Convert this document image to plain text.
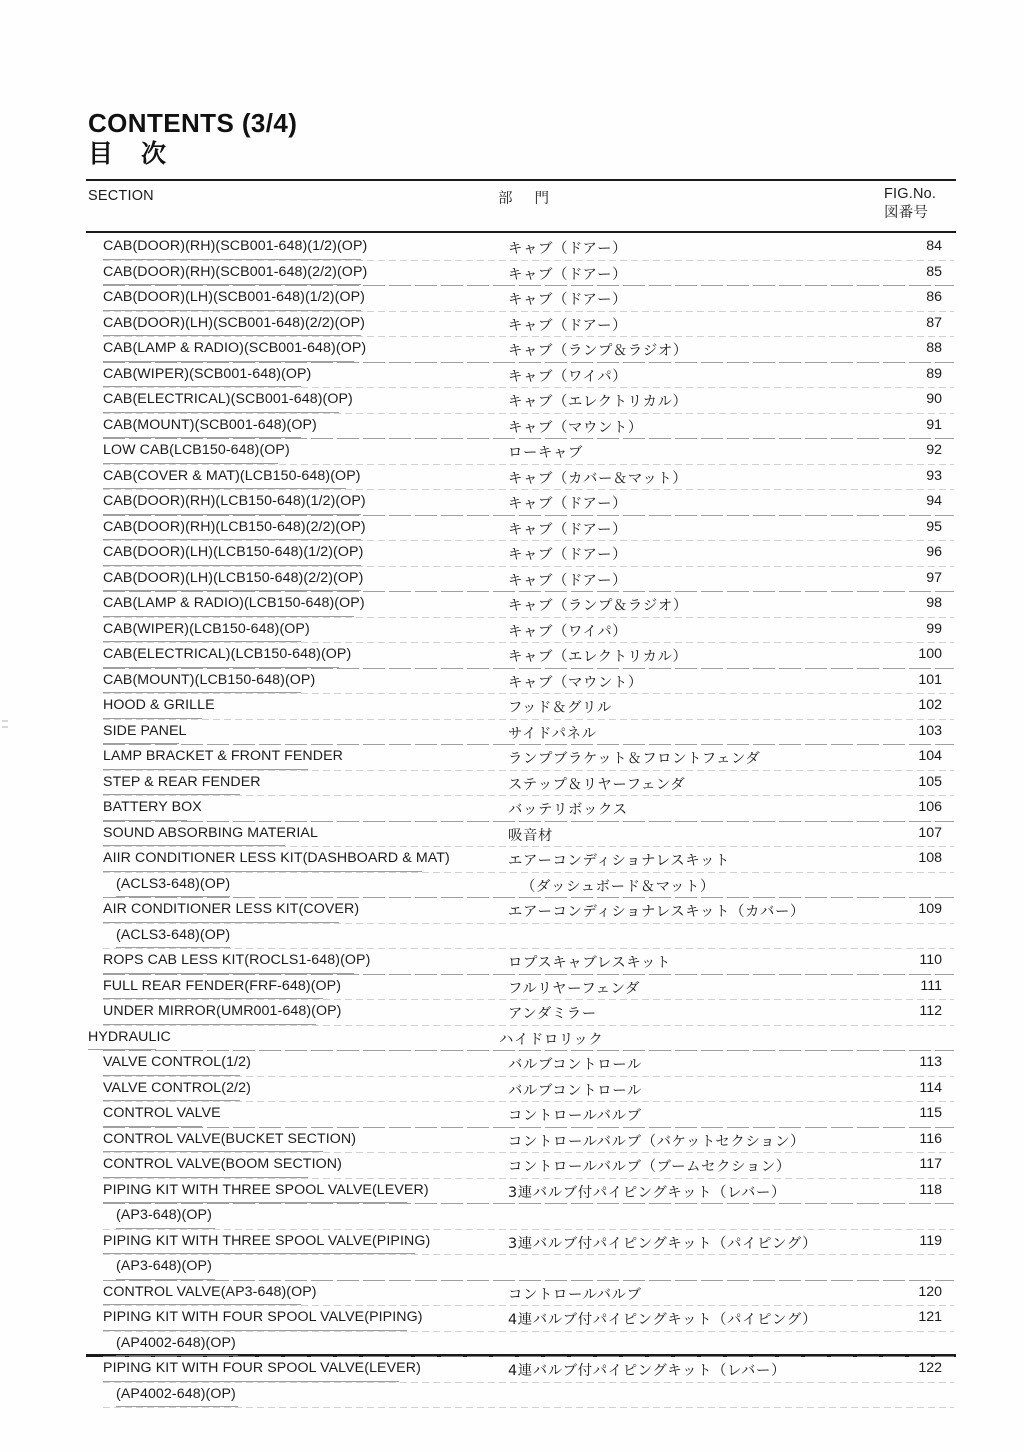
CONTENTS (3/4)
目次
SECTION	部門	FIG.No.
図番号
CAB(DOOR)(RH)(SCB001-648)(1/2)(OP)	キャブ（ドアー）	84
CAB(DOOR)(RH)(SCB001-648)(2/2)(OP)	キャブ（ドアー）	85
CAB(DOOR)(LH)(SCB001-648)(1/2)(OP)	キャブ（ドアー）	86
CAB(DOOR)(LH)(SCB001-648)(2/2)(OP)	キャブ（ドアー）	87
CAB(LAMP & RADIO)(SCB001-648)(OP)	キャブ（ランプ＆ラジオ）	88
CAB(WIPER)(SCB001-648)(OP)	キャブ（ワイパ）	89
CAB(ELECTRICAL)(SCB001-648)(OP)	キャブ（エレクトリカル）	90
CAB(MOUNT)(SCB001-648)(OP)	キャブ（マウント）	91
LOW CAB(LCB150-648)(OP)	ローキャブ	92
CAB(COVER & MAT)(LCB150-648)(OP)	キャブ（カバー＆マット）	93
CAB(DOOR)(RH)(LCB150-648)(1/2)(OP)	キャブ（ドアー）	94
CAB(DOOR)(RH)(LCB150-648)(2/2)(OP)	キャブ（ドアー）	95
CAB(DOOR)(LH)(LCB150-648)(1/2)(OP)	キャブ（ドアー）	96
CAB(DOOR)(LH)(LCB150-648)(2/2)(OP)	キャブ（ドアー）	97
CAB(LAMP & RADIO)(LCB150-648)(OP)	キャブ（ランプ＆ラジオ）	98
CAB(WIPER)(LCB150-648)(OP)	キャブ（ワイパ）	99
CAB(ELECTRICAL)(LCB150-648)(OP)	キャブ（エレクトリカル）	100
CAB(MOUNT)(LCB150-648)(OP)	キャブ（マウント）	101
HOOD & GRILLE	フッド＆グリル	102
SIDE PANEL	サイドパネル	103
LAMP BRACKET & FRONT FENDER	ランプブラケット＆フロントフェンダ	104
STEP & REAR FENDER	ステップ＆リヤーフェンダ	105
BATTERY BOX	バッテリボックス	106
SOUND ABSORBING MATERIAL	吸音材	107
AIIR CONDITIONER LESS KIT(DASHBOARD & MAT)	エアーコンディショナレスキット	108
(ACLS3-648)(OP)	（ダッシュボード＆マット）
AIR CONDITIONER LESS KIT(COVER)	エアーコンディショナレスキット（カバー）	109
(ACLS3-648)(OP)
ROPS CAB LESS KIT(ROCLS1-648)(OP)	ロプスキャブレスキット	110
FULL REAR FENDER(FRF-648)(OP)	フルリヤーフェンダ	111
UNDER MIRROR(UMR001-648)(OP)	アンダミラー	112
HYDRAULIC	ハイドロリック
VALVE CONTROL(1/2)	バルブコントロール	113
VALVE CONTROL(2/2)	バルブコントロール	114
CONTROL VALVE	コントロールバルブ	115
CONTROL VALVE(BUCKET SECTION)	コントロールバルブ（バケットセクション）	116
CONTROL VALVE(BOOM SECTION)	コントロールバルブ（ブームセクション）	117
PIPING KIT WITH THREE SPOOL VALVE(LEVER)	3連バルブ付パイピングキット（レバー）	118
(AP3-648)(OP)
PIPING KIT WITH THREE SPOOL VALVE(PIPING)	3連バルブ付パイピングキット（パイピング）	119
(AP3-648)(OP)
CONTROL VALVE(AP3-648)(OP)	コントロールバルブ	120
PIPING KIT WITH FOUR SPOOL VALVE(PIPING)	4連バルブ付パイピングキット（パイピング）	121
(AP4002-648)(OP)
PIPING KIT WITH FOUR SPOOL VALVE(LEVER)	4連バルブ付パイピングキット（レバー）	122
(AP4002-648)(OP)
